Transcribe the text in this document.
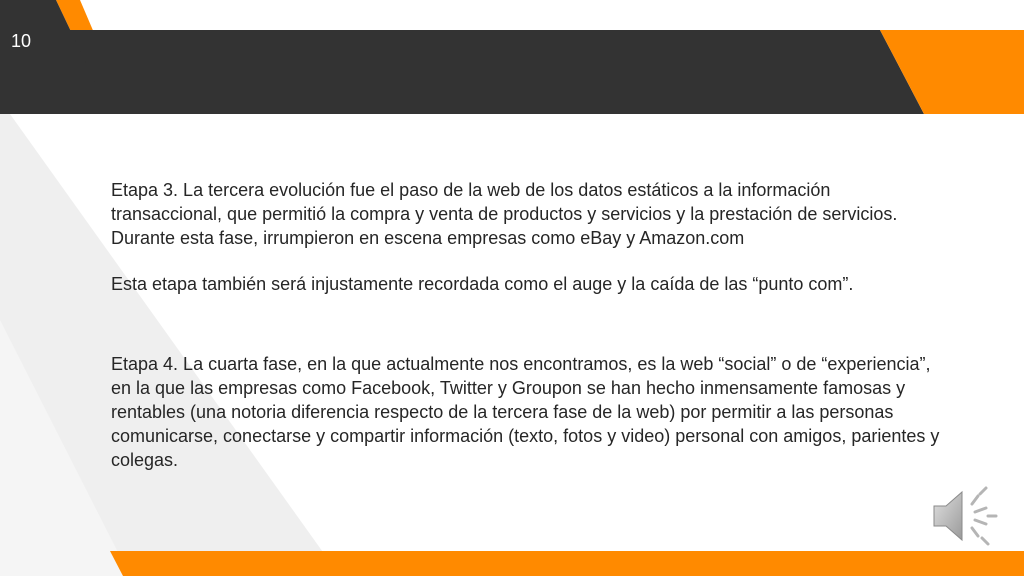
10

Etapa 3. La tercera evolución fue el paso de la web de los datos estáticos a la información transaccional, que permitió la compra y venta de productos y servicios y la prestación de servicios. Durante esta fase, irrumpieron en escena empresas como eBay y Amazon.com

Esta etapa también será injustamente recordada como el auge y la caída de las “punto com”.

Etapa 4. La cuarta fase, en la que actualmente nos encontramos, es la web “social” o de “experiencia”, en la que las empresas como Facebook, Twitter y Groupon se han hecho inmensamente famosas y rentables (una notoria diferencia respecto de la tercera fase de la web) por permitir a las personas comunicarse, conectarse y compartir información (texto, fotos y video) personal con amigos, parientes y colegas.
